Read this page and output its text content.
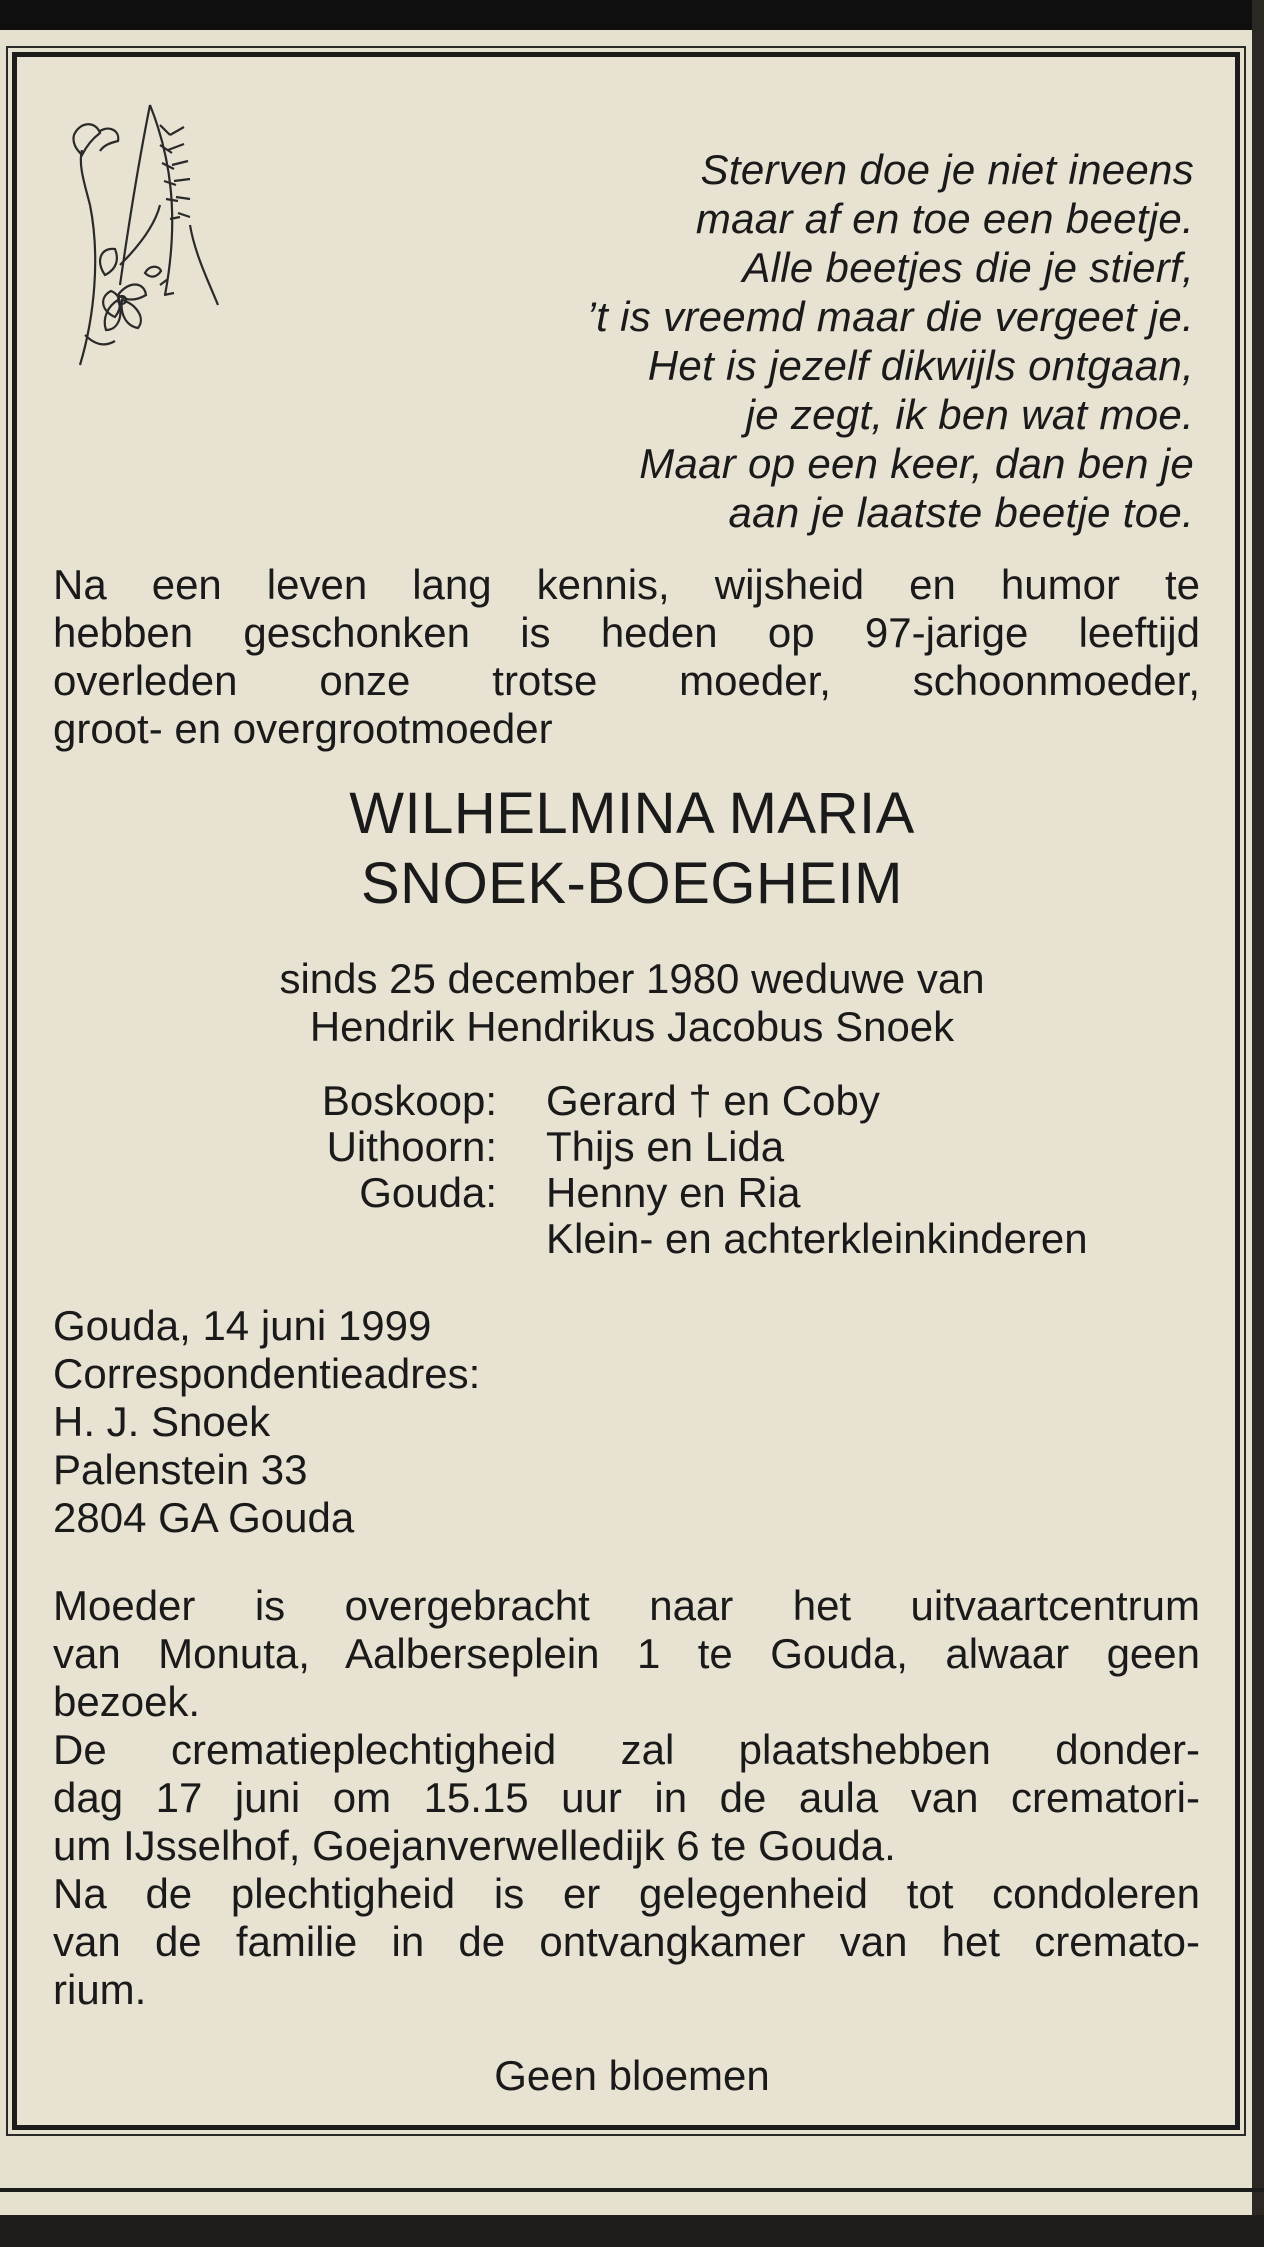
Sterven doe je niet ineens
maar af en toe een beetje.
Alle beetjes die je stierf,
’t is vreemd maar die vergeet je.
Het is jezelf dikwijls ontgaan,
je zegt, ik ben wat moe.
Maar op een keer, dan ben je
aan je laatste beetje toe.
Na een leven lang kennis, wijsheid en humor te
hebben geschonken is heden op 97-jarige leeftijd
overleden onze trotse moeder, schoonmoeder,
groot- en overgrootmoeder
WILHELMINA MARIA
SNOEK-BOEGHEIM
sinds 25 december 1980 weduwe van
Hendrik Hendrikus Jacobus Snoek
Boskoop:
Uithoorn:
Gouda:
Gerard † en Coby
Thijs en Lida
Henny en Ria
Klein- en achterkleinkinderen
Gouda, 14 juni 1999
Correspondentieadres:
H. J. Snoek
Palenstein 33
2804 GA Gouda
Moeder is overgebracht naar het uitvaartcentrum
van Monuta, Aalberseplein 1 te Gouda, alwaar geen
bezoek.
De crematieplechtigheid zal plaatshebben donder-
dag 17 juni om 15.15 uur in de aula van crematori-
um IJsselhof, Goejanverwelledijk 6 te Gouda.
Na de plechtigheid is er gelegenheid tot condoleren
van de familie in de ontvangkamer van het cremato-
rium.
Geen bloemen
